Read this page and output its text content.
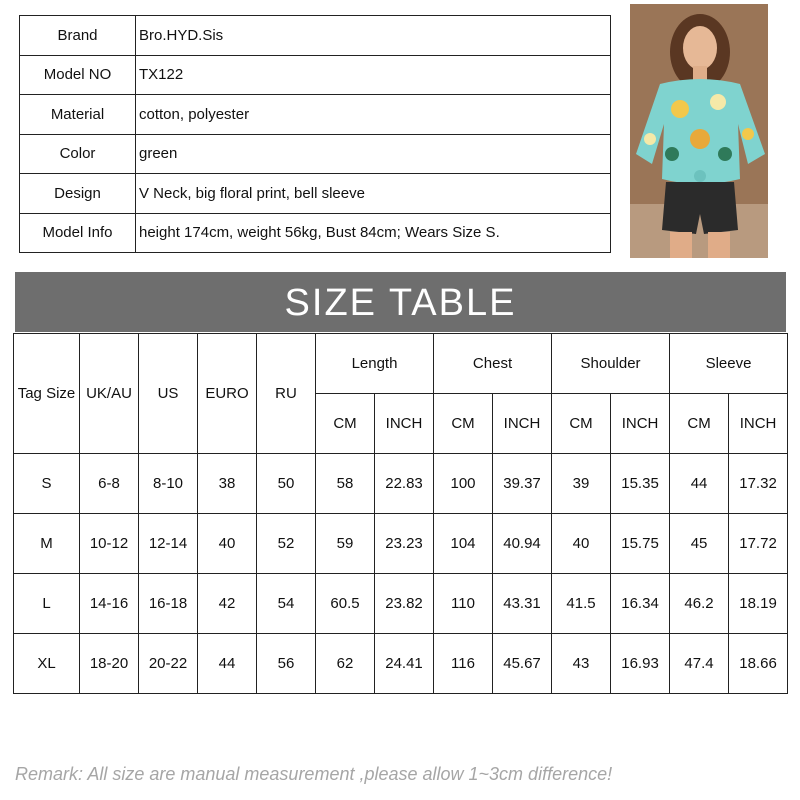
Brand	Bro.HYD.Sis
Model NO	TX122
Material	cotton, polyester
Color	green
Design	V Neck, big floral print, bell sleeve
Model Info	height 174cm, weight 56kg, Bust 84cm; Wears Size S.
SIZE TABLE
Tag Size	UK/AU	US	EURO	RU	Length		Chest		Shoulder		Sleeve	
					CM	INCH	CM	INCH	CM	INCH	CM	INCH
S	6-8	8-10	38	50	58	22.83	100	39.37	39	15.35	44	17.32
M	10-12	12-14	40	52	59	23.23	104	40.94	40	15.75	45	17.72
L	14-16	16-18	42	54	60.5	23.82	110	43.31	41.5	16.34	46.2	18.19
XL	18-20	20-22	44	56	62	24.41	116	45.67	43	16.93	47.4	18.66
Remark: All size are manual measurement ,please allow 1~3cm difference!
